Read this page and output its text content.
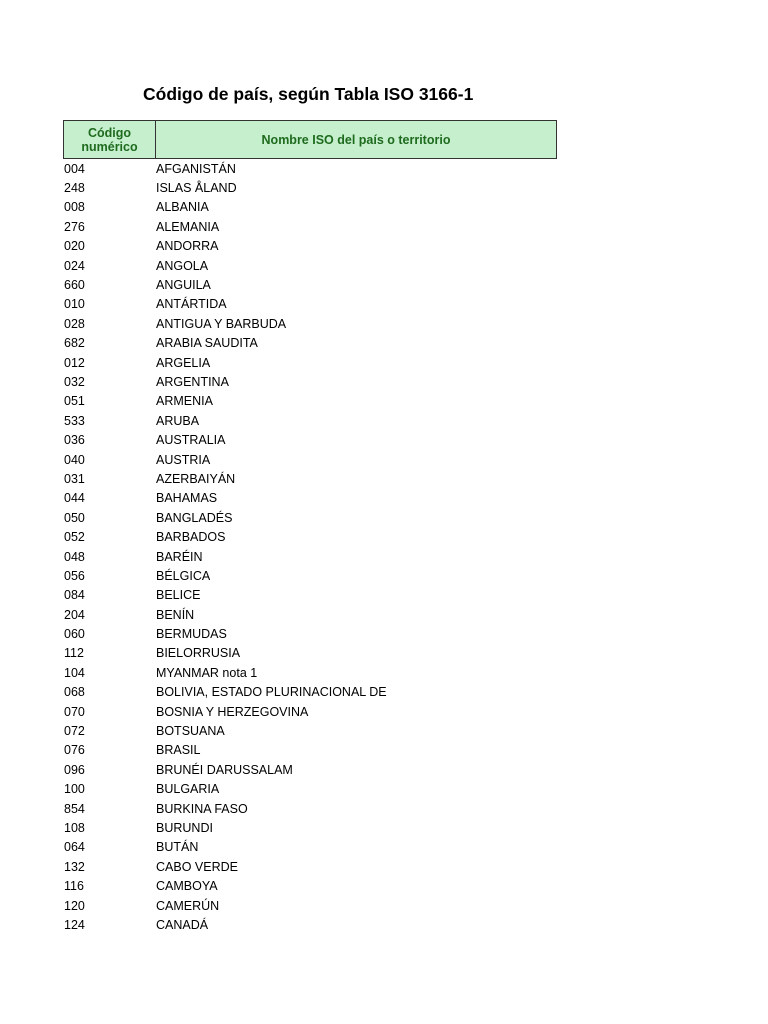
Código de país, según Tabla ISO 3166-1
Código numérico	Nombre ISO del país o territorio
004	AFGANISTÁN
248	ISLAS ÅLAND
008	ALBANIA
276	ALEMANIA
020	ANDORRA
024	ANGOLA
660	ANGUILA
010	ANTÁRTIDA
028	ANTIGUA Y BARBUDA
682	ARABIA SAUDITA
012	ARGELIA
032	ARGENTINA
051	ARMENIA
533	ARUBA
036	AUSTRALIA
040	AUSTRIA
031	AZERBAIYÁN
044	BAHAMAS
050	BANGLADÉS
052	BARBADOS
048	BARÉIN
056	BÉLGICA
084	BELICE
204	BENÍN
060	BERMUDAS
112	BIELORRUSIA
104	MYANMAR nota 1
068	BOLIVIA, ESTADO PLURINACIONAL DE
070	BOSNIA Y HERZEGOVINA
072	BOTSUANA
076	BRASIL
096	BRUNÉI DARUSSALAM
100	BULGARIA
854	BURKINA FASO
108	BURUNDI
064	BUTÁN
132	CABO VERDE
116	CAMBOYA
120	CAMERÚN
124	CANADÁ
